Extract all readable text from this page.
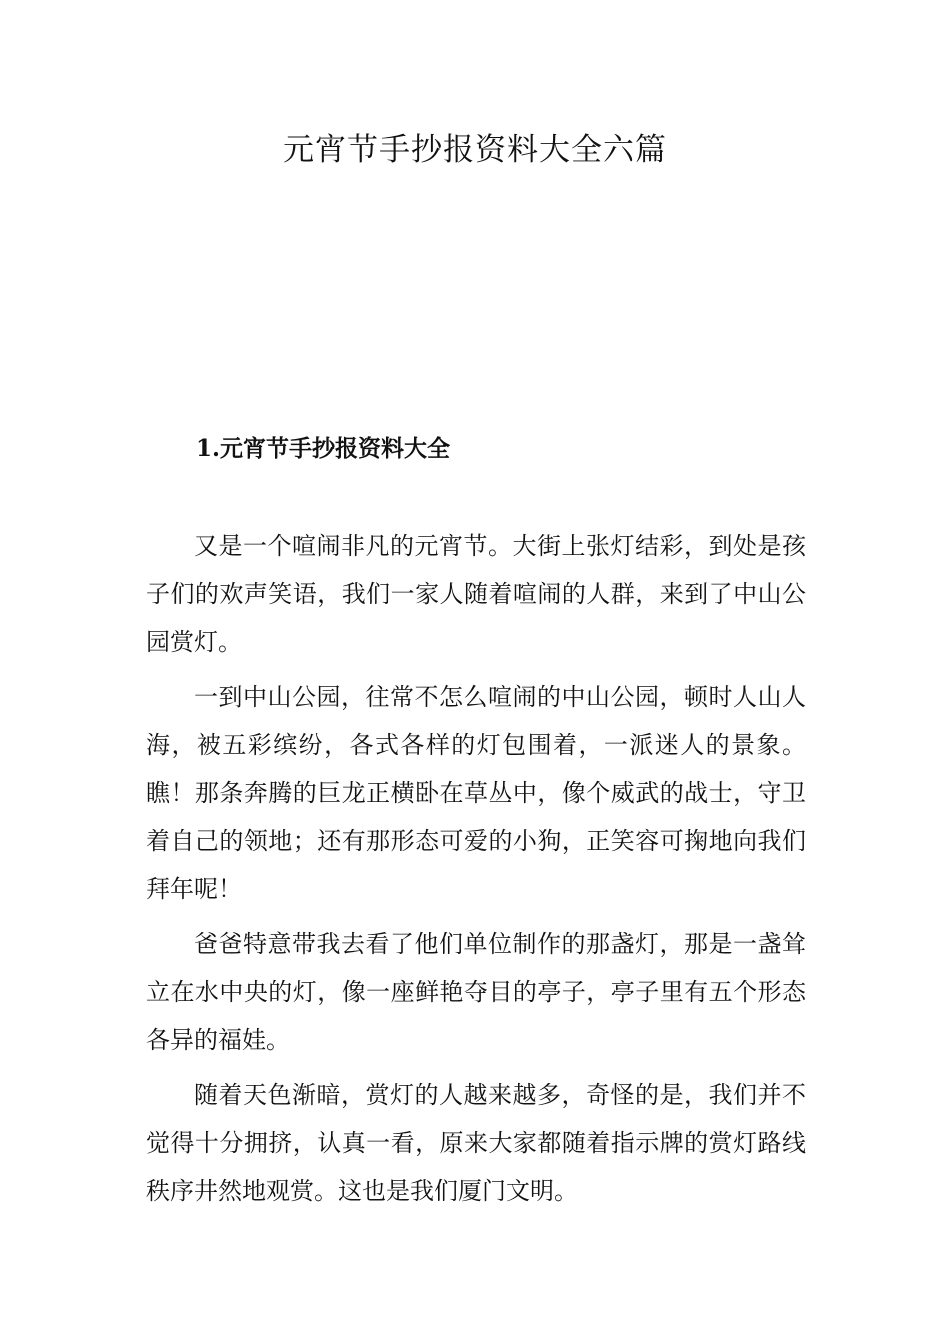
元宵节手抄报资料大全六篇
1.元宵节手抄报资料大全

又是一个喧闹非凡的元宵节。大街上张灯结彩，到处是孩子们的欢声笑语，我们一家人随着喧闹的人群，来到了中山公园赏灯。

一到中山公园，往常不怎么喧闹的中山公园，顿时人山人海，被五彩缤纷，各式各样的灯包围着，一派迷人的景象。瞧！那条奔腾的巨龙正横卧在草丛中，像个威武的战士，守卫着自己的领地；还有那形态可爱的小狗，正笑容可掬地向我们拜年呢！

爸爸特意带我去看了他们单位制作的那盏灯，那是一盏耸立在水中央的灯，像一座鲜艳夺目的亭子，亭子里有五个形态各异的福娃。

随着天色渐暗，赏灯的人越来越多，奇怪的是，我们并不觉得十分拥挤，认真一看，原来大家都随着指示牌的赏灯路线秩序井然地观赏。这也是我们厦门文明。
